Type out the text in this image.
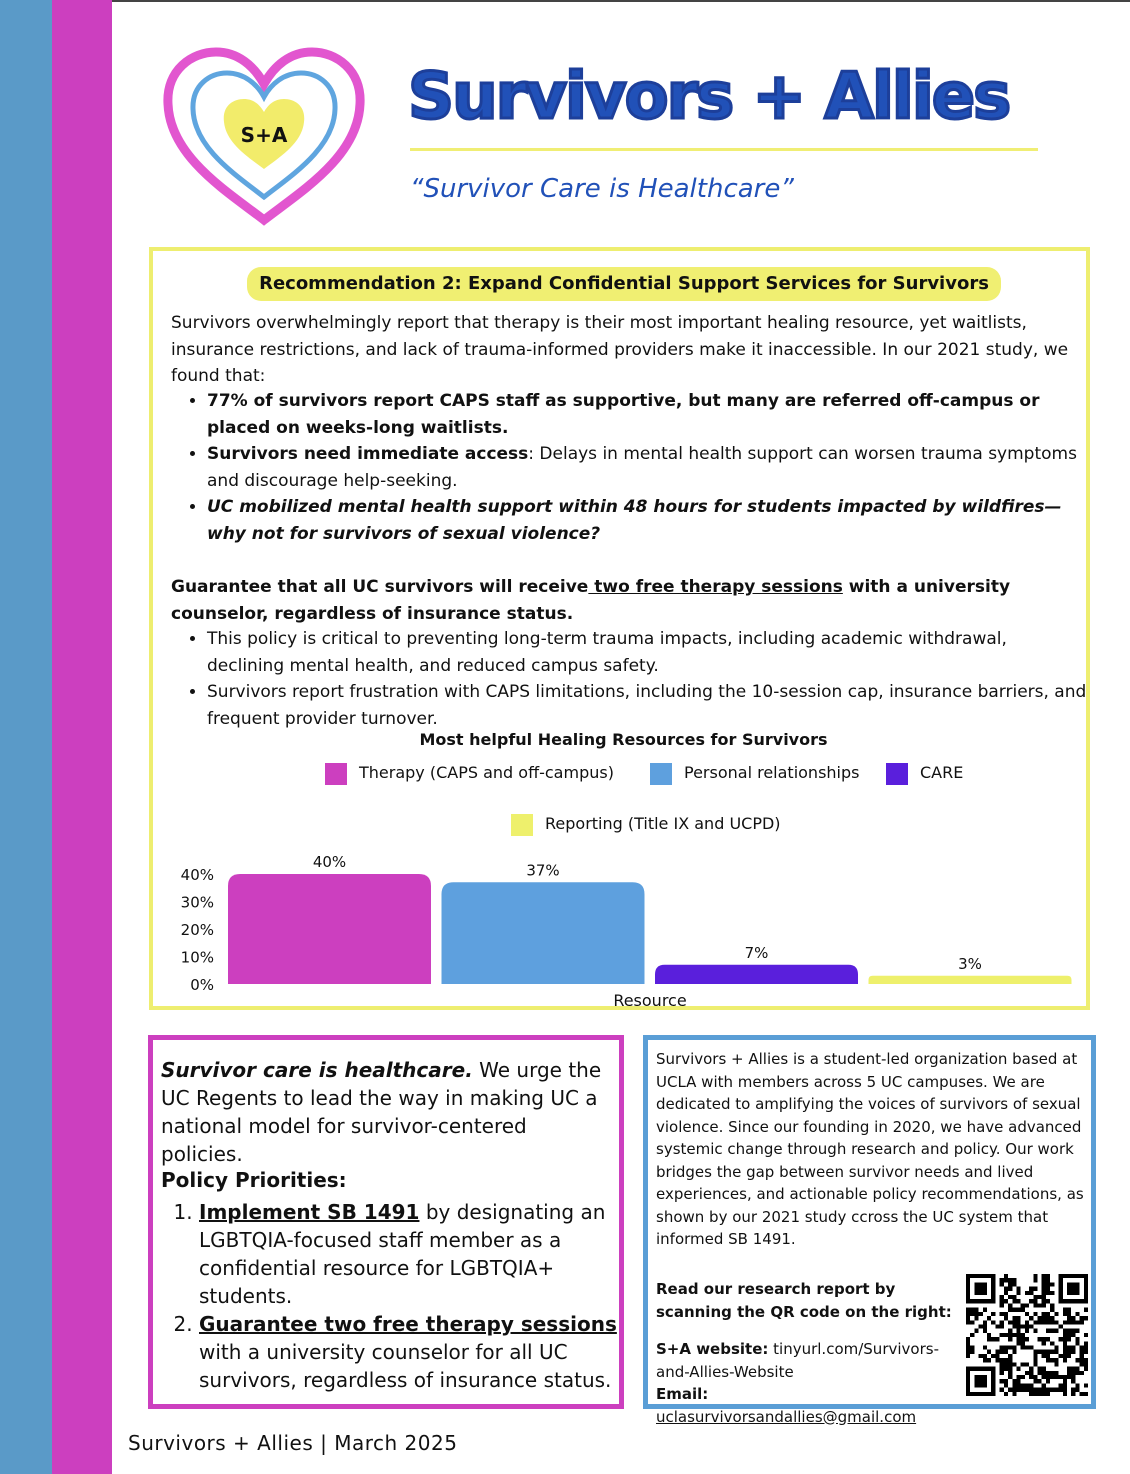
S+A
Survivors + Allies
“Survivor Care is Healthcare”
Recommendation 2: Expand Confidential Support Services for Survivors

Survivors overwhelmingly report that therapy is their most important healing resource, yet waitlists, insurance restrictions, and lack of trauma-informed providers make it inaccessible. In our 2021 study, we found that:

• 77% of survivors report CAPS staff as supportive, but many are referred off-campus or placed on weeks-long waitlists.
• Survivors need immediate access: Delays in mental health support can worsen trauma symptoms and discourage help-seeking.
• UC mobilized mental health support within 48 hours for students impacted by wildfires—why not for survivors of sexual violence?

Guarantee that all UC survivors will receive two free therapy sessions with a university counselor, regardless of insurance status.

• This policy is critical to preventing long-term trauma impacts, including academic withdrawal, declining mental health, and reduced campus safety.
• Survivors report frustration with CAPS limitations, including the 10-session cap, insurance barriers, and frequent provider turnover.
Most helpful Healing Resources for Survivors
Therapy (CAPS and off-campus)	Personal relationships	CARE
Reporting (Title IX and UCPD)
0%
10%
20%
30%
40%
40%	37%
7%
3%
Resource

Survivor care is healthcare. We urge the UC Regents to lead the way in making UC a national model for survivor-centered policies.

Policy Priorities:
1. Implement SB 1491 by designating an LGBTQIA-focused staff member as a confidential resource for LGBTQIA+ students.
2. Guarantee two free therapy sessions with a university counselor for all UC survivors, regardless of insurance status.

Survivors + Allies is a student-led organization based at UCLA with members across 5 UC campuses. We are dedicated to amplifying the voices of survivors of sexual violence. Since our founding in 2020, we have advanced systemic change through research and policy. Our work bridges the gap between survivor needs and lived experiences, and actionable policy recommendations, as shown by our 2021 study ccross the UC system that informed SB 1491.

Read our research report by scanning the QR code on the right:
S+A website: tinyurl.com/Survivors-and-Allies-Website
Email: uclasurvivorsandallies@gmail.com
Survivors + Allies | March 2025
